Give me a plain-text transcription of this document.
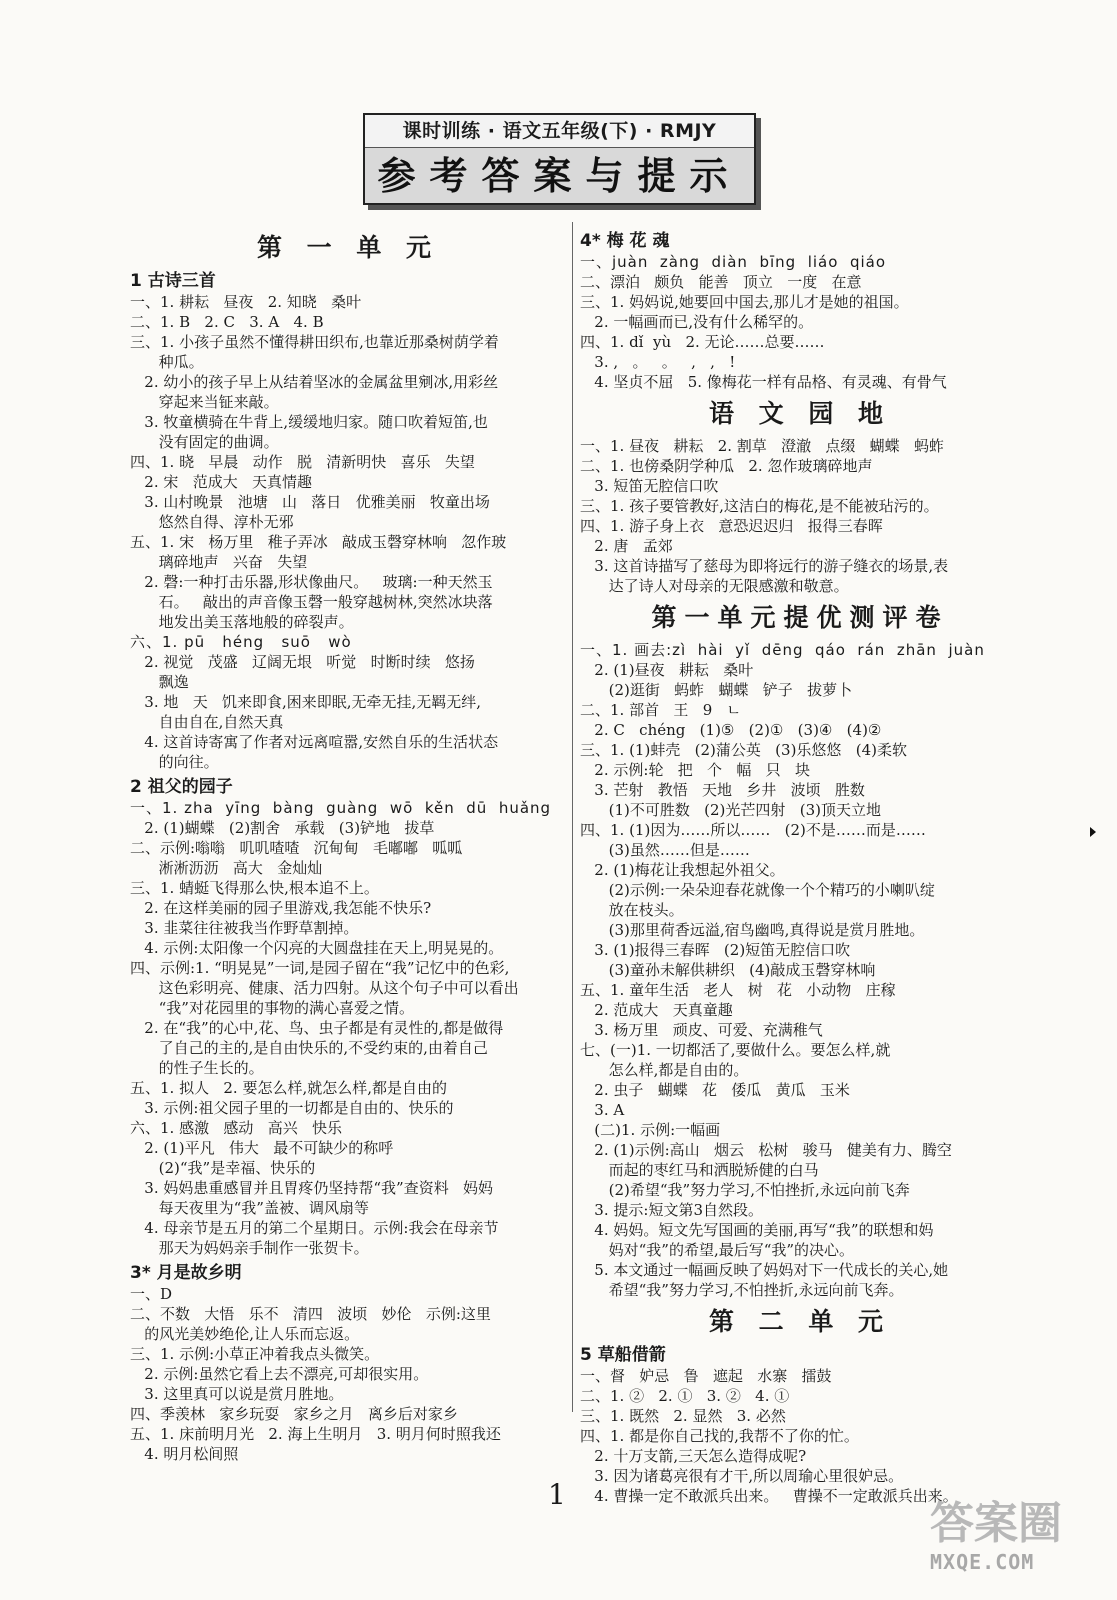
课时训练 · 语文五年级(下) · RMJY
参考答案与提示
第 一 单 元
1 古诗三首
一、1. 耕耘   昼夜   2. 知晓   桑叶
二、1. B   2. C   3. A   4. B
三、1. 小孩子虽然不懂得耕田织布,也靠近那桑树荫学着
种瓜。
2. 幼小的孩子早上从结着坚冰的金属盆里剜冰,用彩丝
穿起来当钲来敲。
3. 牧童横骑在牛背上,缓缓地归家。随口吹着短笛,也
没有固定的曲调。
四、1. 晓   早晨   动作   脱   清新明快   喜乐   失望
2. 宋   范成大   天真情趣
3. 山村晚景   池塘   山   落日   优雅美丽   牧童出场
悠然自得、淳朴无邪
五、1. 宋   杨万里   稚子弄冰   敲成玉磬穿林响   忽作玻
璃碎地声   兴奋   失望
2. 磬:一种打击乐器,形状像曲尺。   玻璃:一种天然玉
石。   敲出的声音像玉磬一般穿越树林,突然冰块落
地发出美玉落地般的碎裂声。
六、1. pū   héng   suō   wò
2. 视觉   茂盛   辽阔无垠   听觉   时断时续   悠扬
飘逸
3. 地   天   饥来即食,困来即眠,无牵无挂,无羁无绊,
自由自在,自然天真
4. 这首诗寄寓了作者对远离喧嚣,安然自乐的生活状态
的向往。
2 祖父的园子
一、1. zha  yīng  bàng  guàng  wō  kěn  dū  huǎng
2. (1)蝴蝶   (2)割舍   承载   (3)铲地   拔草
二、示例:嗡嗡   叽叽喳喳   沉甸甸   毛嘟嘟   呱呱
淅淅沥沥   高大   金灿灿
三、1. 蜻蜓飞得那么快,根本追不上。
2. 在这样美丽的园子里游戏,我怎能不快乐?
3. 韭菜往往被我当作野草割掉。
4. 示例:太阳像一个闪亮的大圆盘挂在天上,明晃晃的。
四、示例:1. “明晃晃”一词,是园子留在“我”记忆中的色彩,
这色彩明亮、健康、活力四射。从这个句子中可以看出
“我”对花园里的事物的满心喜爱之情。
2. 在“我”的心中,花、鸟、虫子都是有灵性的,都是做得
了自己的主的,是自由快乐的,不受约束的,由着自己
的性子生长的。
五、1. 拟人   2. 要怎么样,就怎么样,都是自由的
3. 示例:祖父园子里的一切都是自由的、快乐的
六、1. 感激   感动   高兴   快乐
2. (1)平凡   伟大   最不可缺少的称呼
(2)“我”是幸福、快乐的
3. 妈妈患重感冒并且胃疼仍坚持帮“我”查资料   妈妈
每天夜里为“我”盖被、调风扇等
4. 母亲节是五月的第二个星期日。示例:我会在母亲节
那天为妈妈亲手制作一张贺卡。
3* 月是故乡明
一、D
二、不数   大悟   乐不   清四   波顷   妙伦   示例:这里
的风光美妙绝伦,让人乐而忘返。
三、1. 示例:小草正冲着我点头微笑。
2. 示例:虽然它看上去不漂亮,可却很实用。
3. 这里真可以说是赏月胜地。
四、季羡林   家乡玩耍   家乡之月   离乡后对家乡
五、1. 床前明月光   2. 海上生明月   3. 明月何时照我还
4. 明月松间照
4* 梅 花 魂
一、juàn  zàng  diàn  bīng  liáo  qiáo
二、漂泊   颇负   能善   顶立   一度   在意
三、1. 妈妈说,她要回中国去,那儿才是她的祖国。
2. 一幅画而已,没有什么稀罕的。
四、1. dǐ  yù   2. 无论……总要……
3. ,   。   。   ,   ,   !
4. 坚贞不屈   5. 像梅花一样有品格、有灵魂、有骨气
语 文 园 地
一、1. 昼夜   耕耘   2. 割草   澄澈   点缀   蝴蝶   蚂蚱
二、1. 也傍桑阴学种瓜   2. 忽作玻璃碎地声
3. 短笛无腔信口吹
三、1. 孩子要管教好,这洁白的梅花,是不能被玷污的。
四、1. 游子身上衣   意恐迟迟归   报得三春晖
2. 唐   孟郊
3. 这首诗描写了慈母为即将远行的游子缝衣的场景,表
达了诗人对母亲的无限感激和敬意。
第一单元提优测评卷
一、1. 画去:zì  hài  yǐ  dēng  qáo  rán  zhān  juàn
2. (1)昼夜   耕耘   桑叶
(2)逛街   蚂蚱   蝴蝶   铲子   拔萝卜
二、1. 部首   王   9   ㄴ
2. C   chéng   (1)⑤   (2)①   (3)④   (4)②
三、1. (1)蚌壳   (2)蒲公英   (3)乐悠悠   (4)柔软
2. 示例:轮   把   个   幅   只   块
3. 芒射   教悟   天地   乡井   波顷   胜数
(1)不可胜数   (2)光芒四射   (3)顶天立地
四、1. (1)因为……所以……   (2)不是……而是……
(3)虽然……但是……
2. (1)梅花让我想起外祖父。
(2)示例:一朵朵迎春花就像一个个精巧的小喇叭绽
放在枝头。
(3)那里荷香远溢,宿鸟幽鸣,真得说是赏月胜地。
3. (1)报得三春晖   (2)短笛无腔信口吹
(3)童孙未解供耕织   (4)敲成玉磬穿林响
五、1. 童年生活   老人   树   花   小动物   庄稼
2. 范成大   天真童趣
3. 杨万里   顽皮、可爱、充满稚气
七、(一)1. 一切都活了,要做什么。要怎么样,就
怎么样,都是自由的。
2. 虫子   蝴蝶   花   倭瓜   黄瓜   玉米
3. A
(二)1. 示例:一幅画
2. (1)示例:高山   烟云   松树   骏马   健美有力、腾空
而起的枣红马和洒脱矫健的白马
(2)希望“我”努力学习,不怕挫折,永远向前飞奔
3. 提示:短文第3自然段。
4. 妈妈。短文先写国画的美丽,再写“我”的联想和妈
妈对“我”的希望,最后写“我”的决心。
5. 本文通过一幅画反映了妈妈对下一代成长的关心,她
希望“我”努力学习,不怕挫折,永远向前飞奔。
第 二 单 元
5 草船借箭
一、督   妒忌   鲁   遮起   水寨   擂鼓
二、1. ②   2. ①   3. ②   4. ①
三、1. 既然   2. 显然   3. 必然
四、1. 都是你自己找的,我帮不了你的忙。
2. 十万支箭,三天怎么造得成呢?
3. 因为诸葛亮很有才干,所以周瑜心里很妒忌。
4. 曹操一定不敢派兵出来。   曹操不一定敢派兵出来。
1
答案圈
MXQE.COM
